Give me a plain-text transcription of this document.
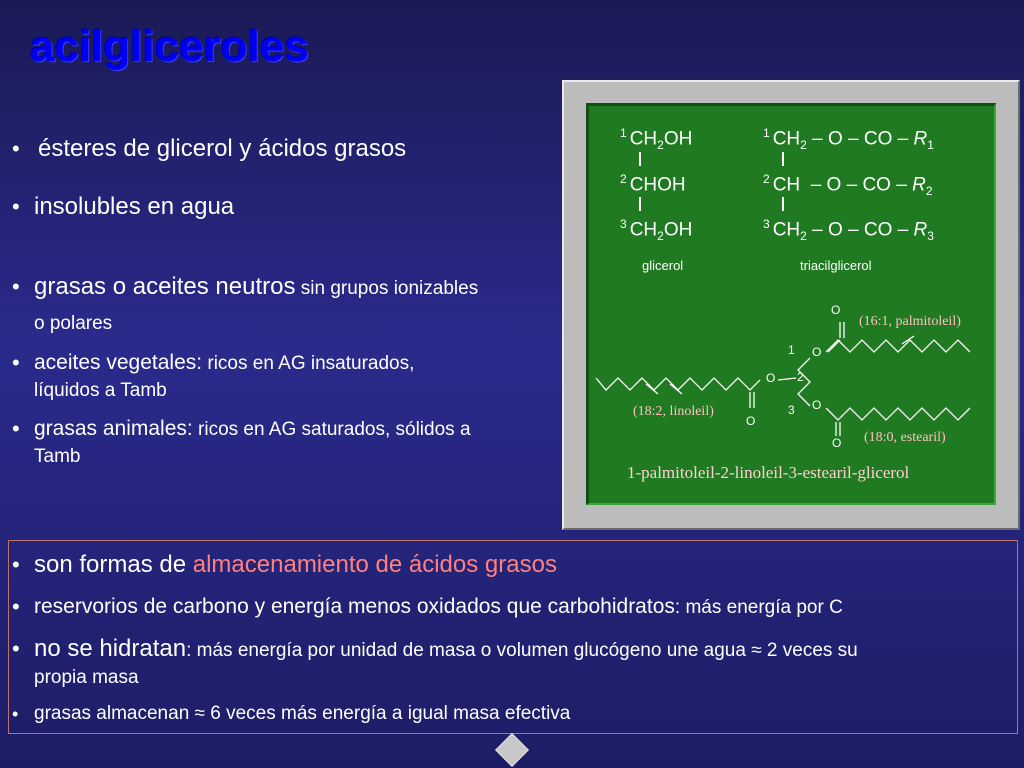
acilgliceroles
• ésteres de glicerol y ácidos grasos
• insolubles en agua
• grasas o aceites neutros sin grupos ionizables
o polares
• aceites vegetales: ricos en AG insaturados,
líquidos a Tamb
• grasas animales: ricos en AG saturados, sólidos a
Tamb
$^1$ $CH_2OH$
$^2$ CHOH
$^3$ $CH_2OH$
glicerol
$^1$ $CH_2$ – O – CO – $R_1$
$^2$ CH  – O – CO – $R_2$
$^3$ $CH_2$ – O – CO – $R_3$
triacilglicerol
O
O
O
O
O
O
1
2
3
(16:1, palmitoleil)
(18:2, linoleil)
(18:0, estearil)
1-palmitoleil-2-linoleil-3-estearil-glicerol
• son formas de almacenamiento de ácidos grasos
• reservorios de carbono y energía menos oxidados que carbohidratos: más energía por C
• no se hidratan: más energía por unidad de masa o volumen glucógeno une agua ≈ 2 veces su
propia masa
• grasas almacenan ≈ 6 veces más energía a igual masa efectiva
